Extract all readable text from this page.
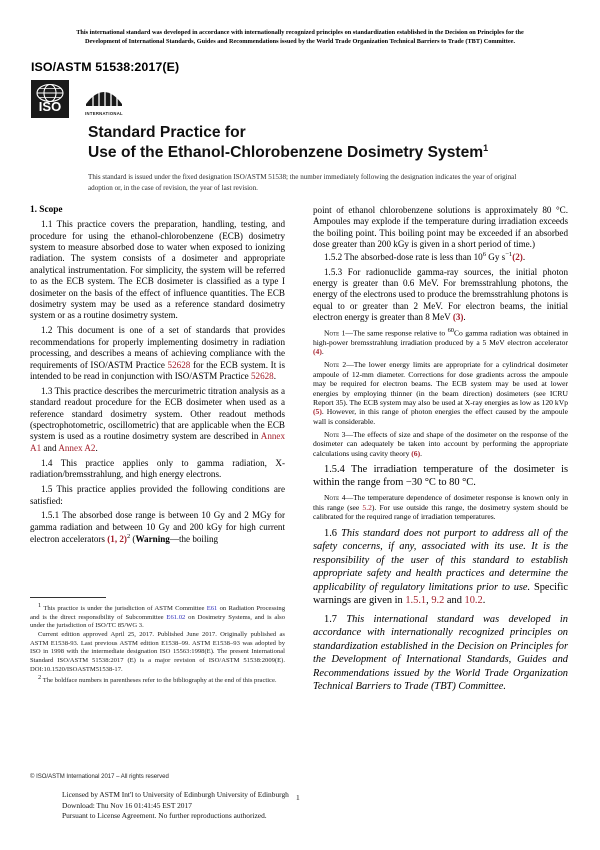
This international standard was developed in accordance with internationally recognized principles on standardization established in the Decision on Principles for the
Development of International Standards, Guides and Recommendations issued by the World Trade Organization Technical Barriers to Trade (TBT) Committee.
ISO/ASTM 51538:2017(E)
ISO	INTERNATIONAL
Standard Practice for
Use of the Ethanol-Chlorobenzene Dosimetry System$^1$
This standard is issued under the fixed designation ISO/ASTM 51538; the number immediately following the designation indicates the year of original adoption or, in the case of revision, the year of last revision.
1. Scope

1.1 This practice covers the preparation, handling, testing, and procedure for using the ethanol-chlorobenzene (ECB) dosimetry system to measure absorbed dose to water when exposed to ionizing radiation. The system consists of a dosimeter and appropriate analytical instrumentation. For simplicity, the system will be referred to as the ECB system. The ECB dosimeter is classified as a type I dosimeter on the basis of the effect of influence quantities. The ECB dosimetry system may be used as a reference standard dosimetry system or as a routine dosimetry system.

1.2 This document is one of a set of standards that provides recommendations for properly implementing dosimetry in radiation processing, and describes a means of achieving compliance with the requirements of ISO/ASTM Practice 52628 for the ECB system. It is intended to be read in conjunction with ISO/ASTM Practice 52628.

1.3 This practice describes the mercurimetric titration analysis as a standard readout procedure for the ECB dosimeter when used as a reference standard dosimetry system. Other readout methods (spectrophotometric, oscillometric) that are applicable when the ECB system is used as a routine dosimetry system are described in Annex A1 and Annex A2.

1.4 This practice applies only to gamma radiation, X-radiation/bremsstrahlung, and high energy electrons.

1.5 This practice applies provided the following conditions are satisfied:

1.5.1 The absorbed dose range is between 10 Gy and 2 MGy for gamma radiation and between 10 Gy and 200 kGy for high current electron accelerators (1, 2)$^2$ (Warning—the boiling

point of ethanol chlorobenzene solutions is approximately 80 °C. Ampoules may explode if the temperature during irradiation exceeds the boiling point. This boiling point may be exceeded if an absorbed dose greater than 200 kGy is given in a short period of time.)

1.5.2 The absorbed-dose rate is less than $10^6$ Gy $s^{-1}(2)$.

1.5.3 For radionuclide gamma-ray sources, the initial photon energy is greater than 0.6 MeV. For bremsstrahlung photons, the energy of the electrons used to produce the bremsstrahlung photons is equal to or greater than 2 MeV. For electron beams, the initial electron energy is greater than 8 MeV (3).

Note 1—The same response relative to $^{60}$Co gamma radiation was obtained in high-power bremsstrahlung irradiation produced by a 5 MeV electron accelerator (4).

Note 2—The lower energy limits are appropriate for a cylindrical dosimeter ampoule of 12-mm diameter. Corrections for dose gradients across the ampoule may be required for electron beams. The ECB system may be used at lower energies by employing thinner (in the beam direction) dosimeters (see ICRU Report 35). The ECB system may also be used at X-ray energies as low as 120 kVp (5). However, in this range of photon energies the effect caused by the ampoule wall is considerable.

Note 3—The effects of size and shape of the dosimeter on the response of the dosimeter can adequately be taken into account by performing the appropriate calculations using cavity theory (6).

1.5.4 The irradiation temperature of the dosimeter is within the range from −30 °C to 80 °C.

Note 4—The temperature dependence of dosimeter response is known only in this range (see 5.2). For use outside this range, the dosimetry system should be calibrated for the required range of irradiation temperatures.

1.6 This standard does not purport to address all of the safety concerns, if any, associated with its use. It is the responsibility of the user of this standard to establish appropriate safety and health practices and determine the applicability of regulatory limitations prior to use. Specific warnings are given in 1.5.1, 9.2 and 10.2.

1.7 This international standard was developed in accordance with internationally recognized principles on standardization established in the Decision on Principles for the Development of International Standards, Guides and Recommendations issued by the World Trade Organization Technical Barriers to Trade (TBT) Committee.

$^1$ This practice is under the jurisdiction of ASTM Committee E61 on Radiation Processing and is the direct responsibility of Subcommittee E61.02 on Dosimetry Systems, and is also under the jurisdiction of ISO/TC 85/WG 3.

Current edition approved April 25, 2017. Published June 2017. Originally published as ASTM E1538-93. Last previous ASTM edition E1538–99. ASTM E1538–93 was adopted by ISO in 1998 with the intermediate designation ISO 15563:1998(E). The present International Standard ISO/ASTM 51538:2017 (E) is a major revision of ISO/ASTM 51538:2009(E). DOI:10.1520/ISOASTM51538-17.

$^2$ The boldface numbers in parentheses refer to the bibliography at the end of this practice.

© ISO/ASTM International 2017 – All rights reserved
Licensed by ASTM Int'l to University of Edinburgh University of Edinburgh
Download: Thu Nov 16 01:41:45 EST 2017
Pursuant to License Agreement. No further reproductions authorized.
1
